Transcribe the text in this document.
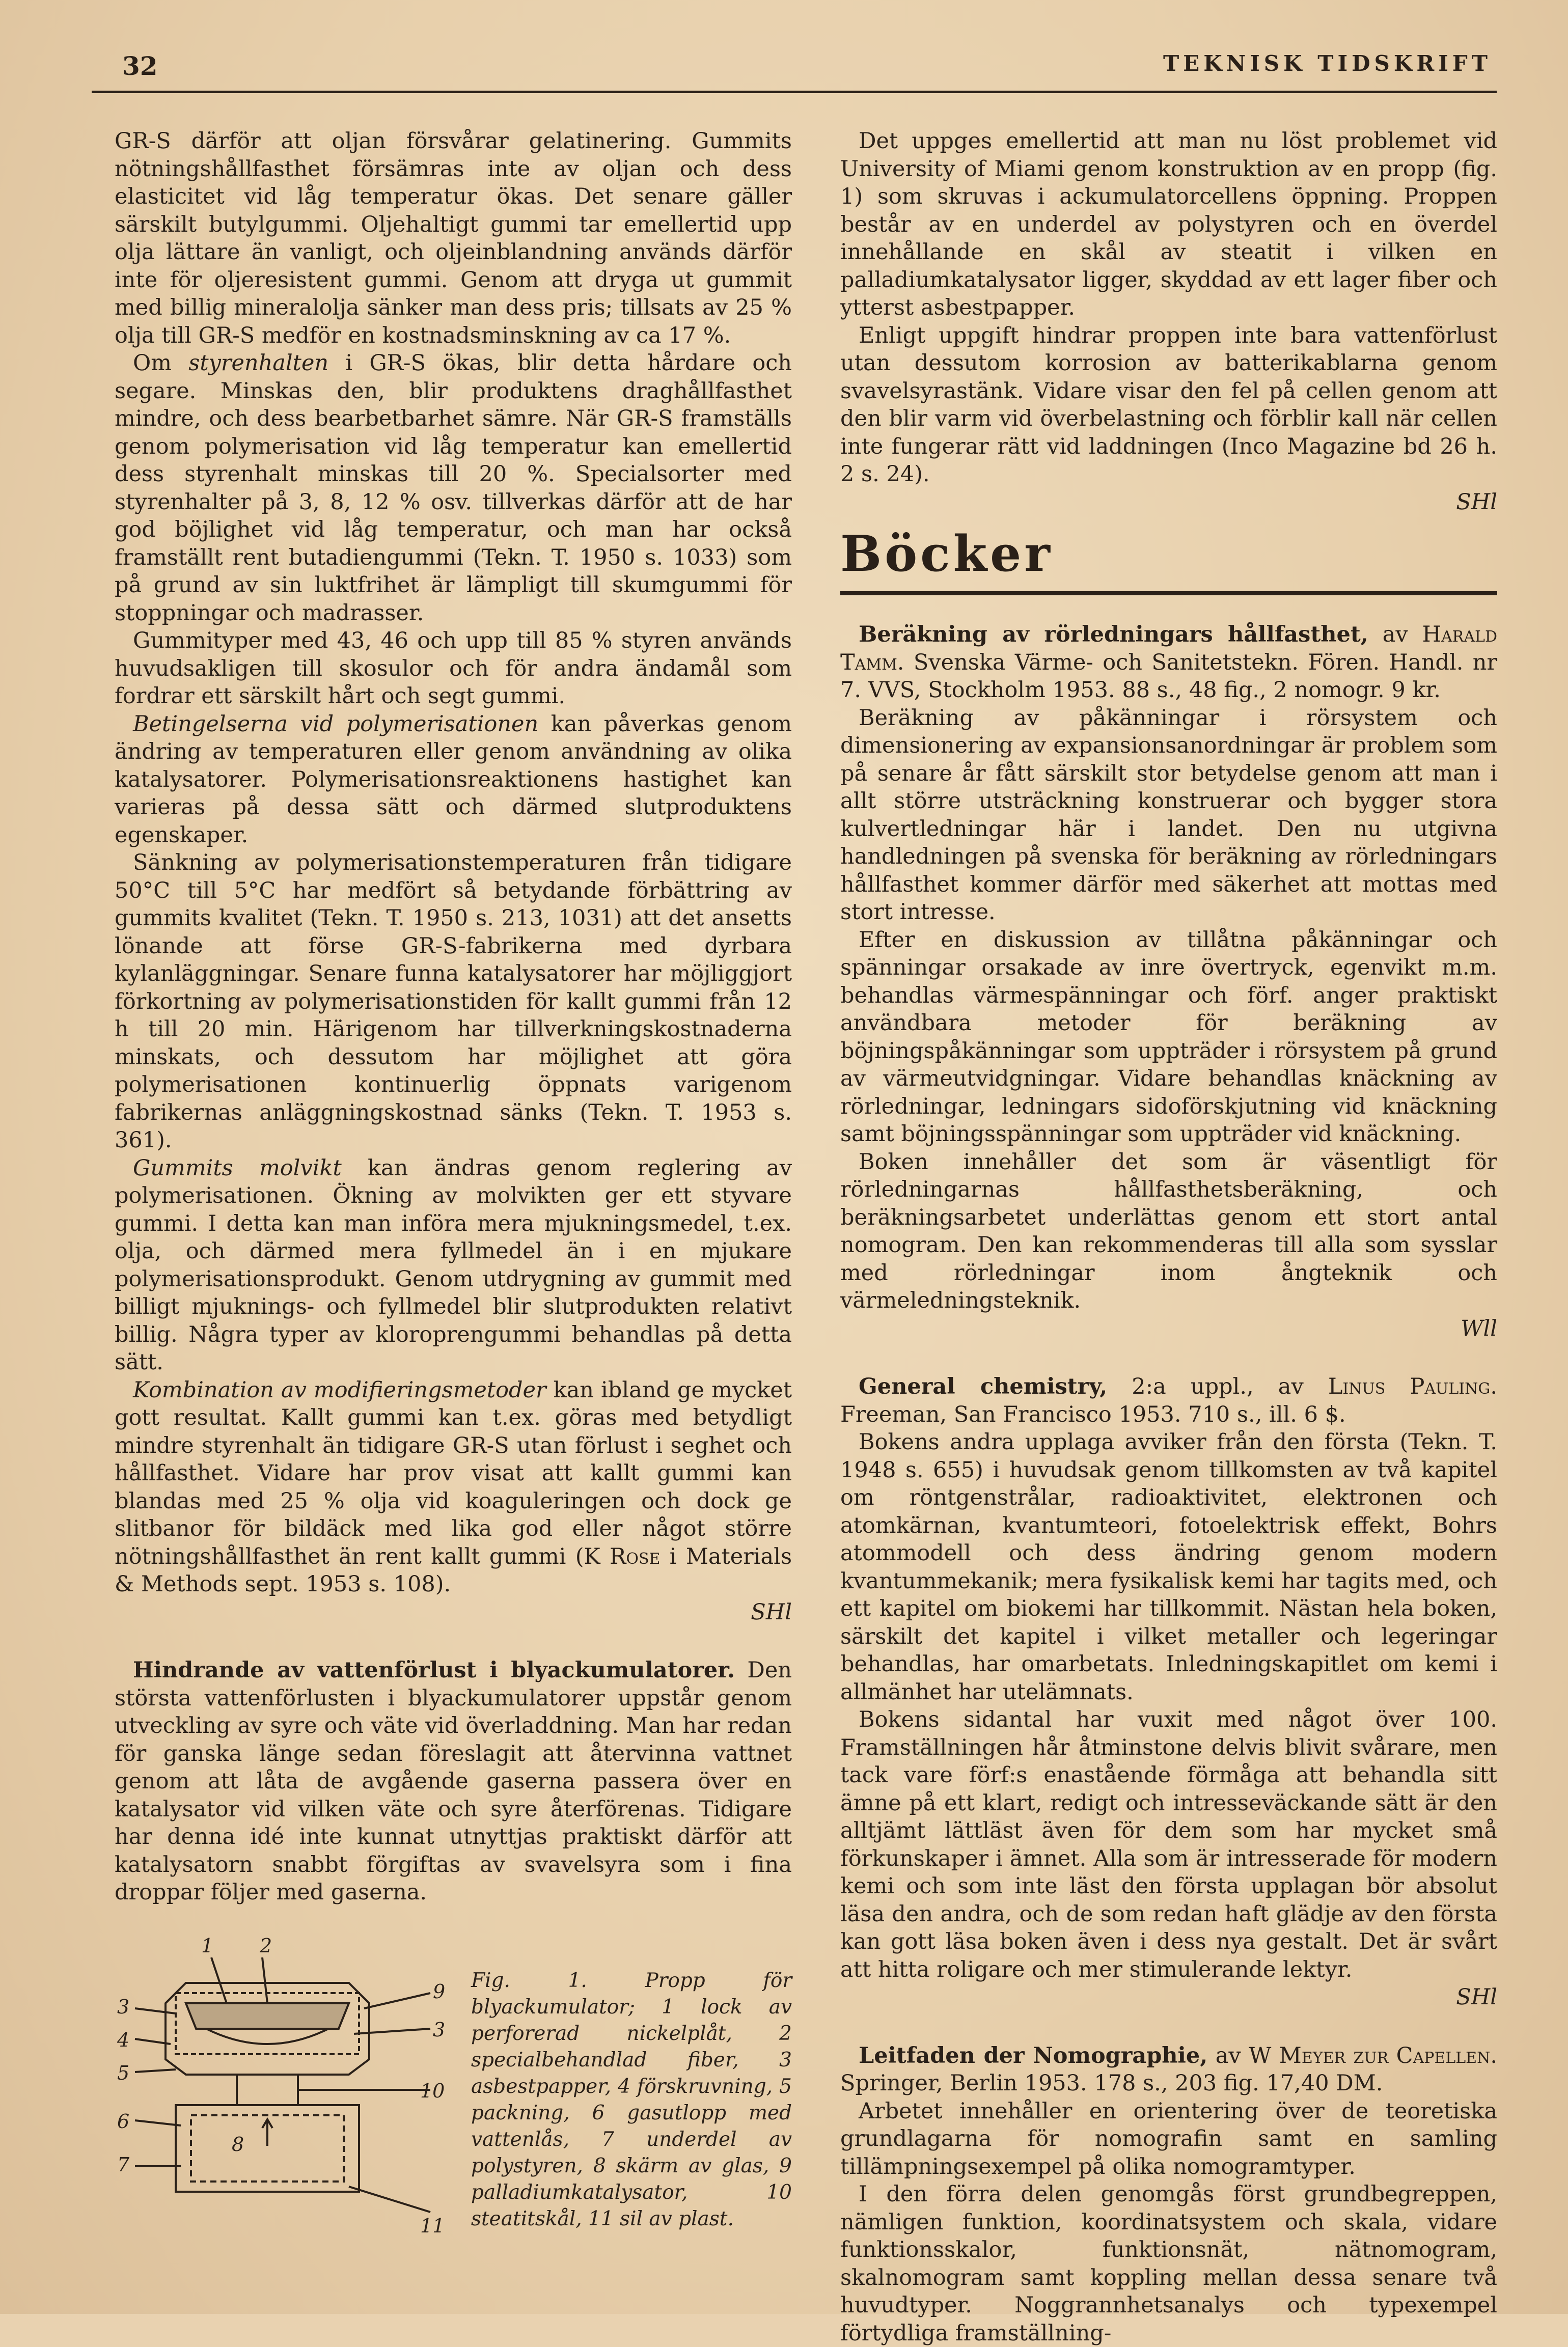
32	TEKNISK TIDSKRIFT

GR-S därför att oljan försvårar gelatinering. Gummits nötningshållfasthet försämras inte av oljan och dess elasticitet vid låg temperatur ökas. Det senare gäller särskilt butylgummi. Oljehaltigt gummi tar emellertid upp olja lättare än vanligt, och oljeinblandning används därför inte för oljeresistent gummi. Genom att dryga ut gummit med billig mineralolja sänker man dess pris; tillsats av 25 % olja till GR-S medför en kostnadsminskning av ca 17 %.

Om styrenhalten i GR-S ökas, blir detta hårdare och segare. Minskas den, blir produktens draghållfasthet mindre, och dess bearbetbarhet sämre. När GR-S framställs genom polymerisation vid låg temperatur kan emellertid dess styrenhalt minskas till 20 %. Specialsorter med styrenhalter på 3, 8, 12 % osv. tillverkas därför att de har god böjlighet vid låg temperatur, och man har också framställt rent butadiengummi (Tekn. T. 1950 s. 1033) som på grund av sin luktfrihet är lämpligt till skumgummi för stoppningar och madrasser.

Gummityper med 43, 46 och upp till 85 % styren används huvudsakligen till skosulor och för andra ändamål som fordrar ett särskilt hårt och segt gummi.

Betingelserna vid polymerisationen kan påverkas genom ändring av temperaturen eller genom användning av olika katalysatorer. Polymerisationsreaktionens hastighet kan varieras på dessa sätt och därmed slutproduktens egenskaper.

Sänkning av polymerisationstemperaturen från tidigare 50°C till 5°C har medfört så betydande förbättring av gummits kvalitet (Tekn. T. 1950 s. 213, 1031) att det ansetts lönande att förse GR-S-fabrikerna med dyrbara kylanläggningar. Senare funna katalysatorer har möjliggjort förkortning av polymerisationstiden för kallt gummi från 12 h till 20 min. Härigenom har tillverkningskostnaderna minskats, och dessutom har möjlighet att göra polymerisationen kontinuerlig öppnats varigenom fabrikernas anläggningskostnad sänks (Tekn. T. 1953 s. 361).

Gummits molvikt kan ändras genom reglering av polymerisationen. Ökning av molvikten ger ett styvare gummi. I detta kan man införa mera mjukningsmedel, t.ex. olja, och därmed mera fyllmedel än i en mjukare polymerisationsprodukt. Genom utdrygning av gummit med billigt mjuknings- och fyllmedel blir slutprodukten relativt billig. Några typer av kloroprengummi behandlas på detta sätt.

Kombination av modifieringsmetoder kan ibland ge mycket gott resultat. Kallt gummi kan t.ex. göras med betydligt mindre styrenhalt än tidigare GR-S utan förlust i seghet och hållfasthet. Vidare har prov visat att kallt gummi kan blandas med 25 % olja vid koaguleringen och dock ge slitbanor för bildäck med lika god eller något större nötningshållfasthet än rent kallt gummi (K Rose i Materials & Methods sept. 1953 s. 108).
SHl

Hindrande av vattenförlust i blyackumulatorer. Den största vattenförlusten i blyackumulatorer uppstår genom utveckling av syre och väte vid överladdning. Man har redan för ganska länge sedan föreslagit att återvinna vattnet genom att låta de avgående gaserna passera över en katalysator vid vilken väte och syre återförenas. Tidigare har denna idé inte kunnat utnyttjas praktiskt därför att katalysatorn snabbt förgiftas av svavelsyra som i fina droppar följer med gaserna.

1 2
3
4
5
6
7
8
9
3
10
11
Fig. 1. Propp för blyackumulator; 1 lock av perforerad nickelplåt, 2 specialbehandlad fiber, 3 asbestpapper, 4 förskruvning, 5 packning, 6 gasutlopp med vattenlås, 7 underdel av polystyren, 8 skärm av glas, 9 palladiumkatalysator, 10 steatitskål, 11 sil av plast.

Det uppges emellertid att man nu löst problemet vid University of Miami genom konstruktion av en propp (fig. 1) som skruvas i ackumulatorcellens öppning. Proppen består av en underdel av polystyren och en överdel innehållande en skål av steatit i vilken en palladiumkatalysator ligger, skyddad av ett lager fiber och ytterst asbestpapper.

Enligt uppgift hindrar proppen inte bara vattenförlust utan dessutom korrosion av batterikablarna genom svavelsyrastänk. Vidare visar den fel på cellen genom att den blir varm vid överbelastning och förblir kall när cellen inte fungerar rätt vid laddningen (Inco Magazine bd 26 h. 2 s. 24).
SHl

Böcker

Beräkning av rörledningars hållfasthet, av Harald Tamm. Svenska Värme- och Sanitetstekn. Fören. Handl. nr 7. VVS, Stockholm 1953. 88 s., 48 fig., 2 nomogr. 9 kr.

Beräkning av påkänningar i rörsystem och dimensionering av expansionsanordningar är problem som på senare år fått särskilt stor betydelse genom att man i allt större utsträckning konstruerar och bygger stora kulvertledningar här i landet. Den nu utgivna handledningen på svenska för beräkning av rörledningars hållfasthet kommer därför med säkerhet att mottas med stort intresse.

Efter en diskussion av tillåtna påkänningar och spänningar orsakade av inre övertryck, egenvikt m.m. behandlas värmespänningar och förf. anger praktiskt användbara metoder för beräkning av böjningspåkänningar som uppträder i rörsystem på grund av värmeutvidgningar. Vidare behandlas knäckning av rörledningar, ledningars sidoförskjutning vid knäckning samt böjningsspänningar som uppträder vid knäckning.

Boken innehåller det som är väsentligt för rörledningarnas hållfasthetsberäkning, och beräkningsarbetet underlättas genom ett stort antal nomogram. Den kan rekommenderas till alla som sysslar med rörledningar inom ångteknik och värmeledningsteknik.
Wll

General chemistry, 2:a uppl., av Linus Pauling. Freeman, San Francisco 1953. 710 s., ill. 6 $.

Bokens andra upplaga avviker från den första (Tekn. T. 1948 s. 655) i huvudsak genom tillkomsten av två kapitel om röntgenstrålar, radioaktivitet, elektronen och atomkärnan, kvantumteori, fotoelektrisk effekt, Bohrs atommodell och dess ändring genom modern kvantummekanik; mera fysikalisk kemi har tagits med, och ett kapitel om biokemi har tillkommit. Nästan hela boken, särskilt det kapitel i vilket metaller och legeringar behandlas, har omarbetats. Inledningskapitlet om kemi i allmänhet har utelämnats.

Bokens sidantal har vuxit med något över 100. Framställningen hår åtminstone delvis blivit svårare, men tack vare förf:s enastående förmåga att behandla sitt ämne på ett klart, redigt och intresseväckande sätt är den alltjämt lättläst även för dem som har mycket små förkunskaper i ämnet. Alla som är intresserade för modern kemi och som inte läst den första upplagan bör absolut läsa den andra, och de som redan haft glädje av den första kan gott läsa boken även i dess nya gestalt. Det är svårt att hitta roligare och mer stimulerande lektyr.
SHl

Leitfaden der Nomographie, av W Meyer zur Capellen. Springer, Berlin 1953. 178 s., 203 fig. 17,40 DM.

Arbetet innehåller en orientering över de teoretiska grundlagarna för nomografin samt en samling tillämpningsexempel på olika nomogramtyper.

I den förra delen genomgås först grundbegreppen, nämligen funktion, koordinatsystem och skala, vidare funktionsskalor, funktionsnät, nätnomogram, skalnomogram samt koppling mellan dessa senare två huvudtyper. Noggrannhetsanalys och typexempel förtydliga framställning-
